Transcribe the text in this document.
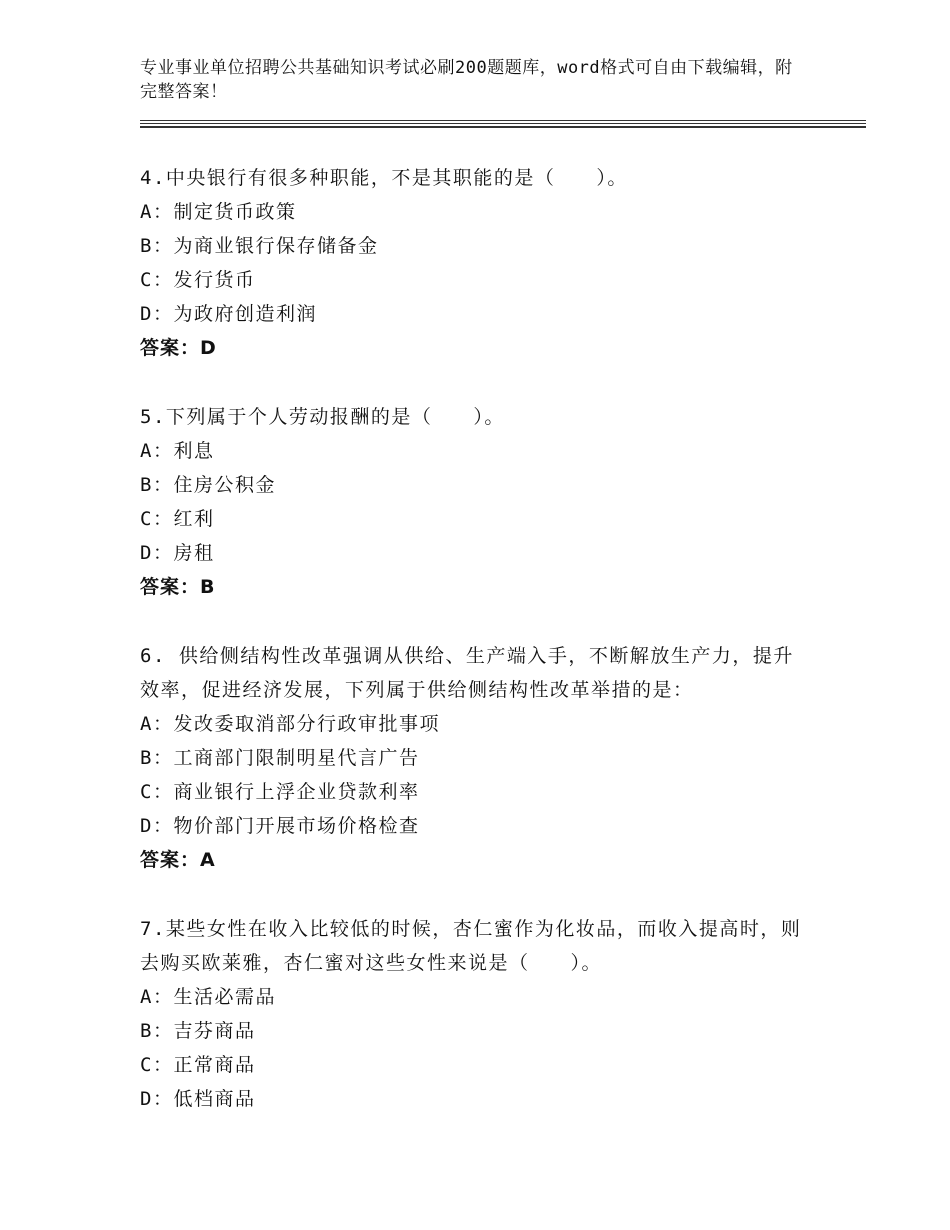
专业事业单位招聘公共基础知识考试必刷200题题库，word格式可自由下载编辑，附完整答案！
4.中央银行有很多种职能，不是其职能的是（　　）。
A：制定货币政策
B：为商业银行保存储备金
C：发行货币
D：为政府创造利润
答案：D
5.下列属于个人劳动报酬的是（　　）。
A：利息
B：住房公积金
C：红利
D：房租
答案：B
6. 供给侧结构性改革强调从供给、生产端入手，不断解放生产力，提升效率，促进经济发展，下列属于供给侧结构性改革举措的是：
A：发改委取消部分行政审批事项
B：工商部门限制明星代言广告
C：商业银行上浮企业贷款利率
D：物价部门开展市场价格检查
答案：A
7.某些女性在收入比较低的时候，杏仁蜜作为化妆品，而收入提高时，则去购买欧莱雅，杏仁蜜对这些女性来说是（　　）。
A：生活必需品
B：吉芬商品
C：正常商品
D：低档商品
